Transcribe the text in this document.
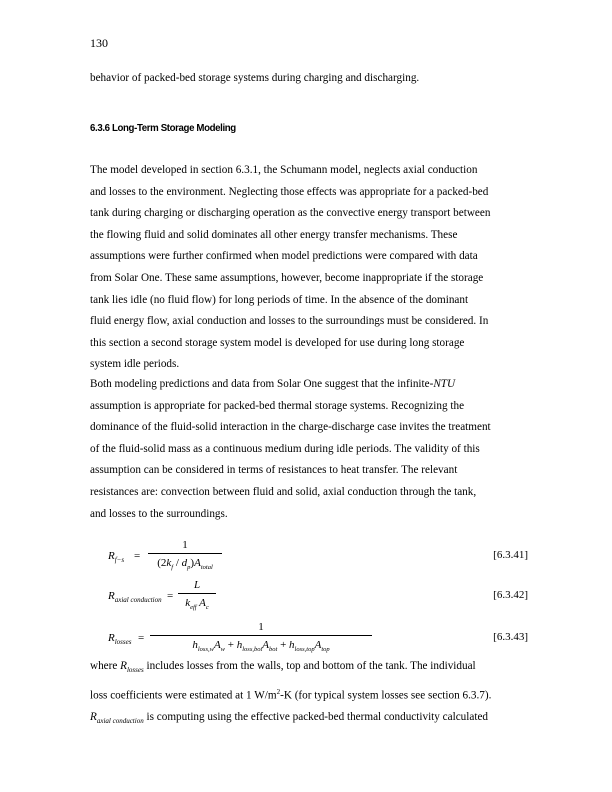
130
behavior of packed-bed storage systems during charging and discharging.
6.3.6 Long-Term Storage Modeling
The model developed in section 6.3.1, the Schumann model, neglects axial conduction
and losses to the environment. Neglecting those effects was appropriate for a packed-bed
tank during charging or discharging operation as the convective energy transport between
the flowing fluid and solid dominates all other energy transfer mechanisms. These
assumptions were further confirmed when model predictions were compared with data
from Solar One. These same assumptions, however, become inappropriate if the storage
tank lies idle (no fluid flow) for long periods of time. In the absence of the dominant
fluid energy flow, axial conduction and losses to the surroundings must be considered. In
this section a second storage system model is developed for use during long storage
system idle periods.
Both modeling predictions and data from Solar One suggest that the infinite-NTU
assumption is appropriate for packed-bed thermal storage systems. Recognizing the
dominance of the fluid-solid interaction in the charge-discharge case invites the treatment
of the fluid-solid mass as a continuous medium during idle periods. The validity of this
assumption can be considered in terms of resistances to heat transfer. The relevant
resistances are: convection between fluid and solid, axial conduction through the tank,
and losses to the surroundings.
$R_{f-s}$ =
1
$(2k_f / d_p)A_{total}$
[6.3.41]
$R_{axial conduction}$ =
L
$k_{eff}$ $A_c$
[6.3.42]
$R_{losses}$ =
1
$h_{loss,w}A_w + h_{loss,bot}A_{bot} + h_{loss,top}A_{top}$
[6.3.43]
where $R_{losses}$ includes losses from the walls, top and bottom of the tank. The individual
loss coefficients were estimated at 1 $W/m^2-K$ (for typical system losses see section 6.3.7).
$R_{axial conduction}$ is computing using the effective packed-bed thermal conductivity calculated
